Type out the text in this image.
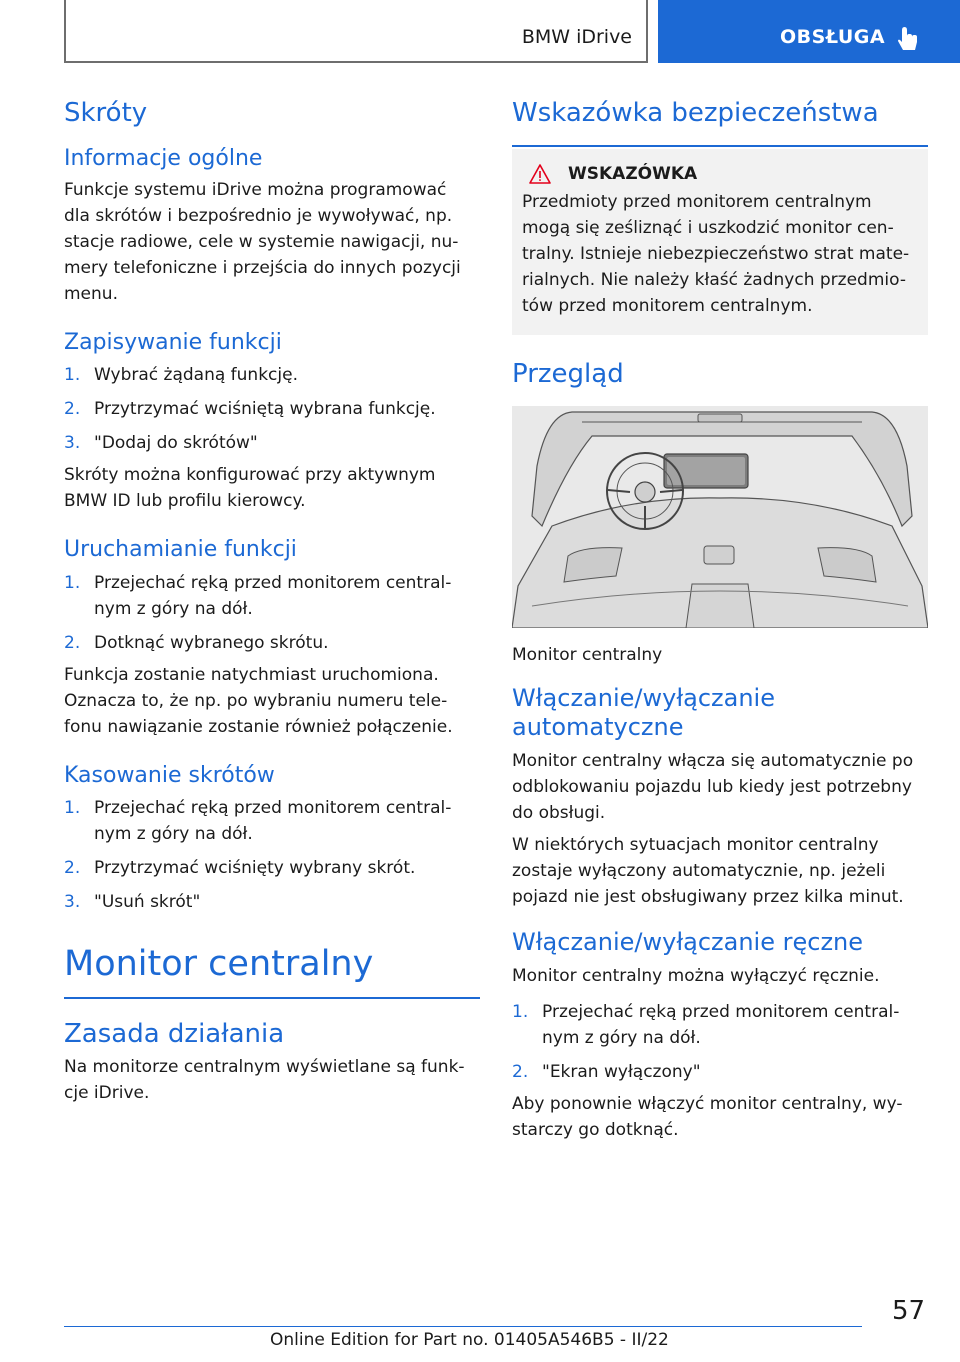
BMW iDrive	OBSŁUGA
Skróty
Informacje ogólne
Funkcje systemu iDrive można programować
dla skrótów i bezpośrednio je wywoływać, np.
stacje radiowe, cele w systemie nawigacji, nu-
mery telefoniczne i przejścia do innych pozycji
menu.
Zapisywanie funkcji
1. Wybrać żądaną funkcję.
2. Przytrzymać wciśniętą wybrana funkcję.
3. "Dodaj do skrótów"
Skróty można konfigurować przy aktywnym
BMW ID lub profilu kierowcy.
Uruchamianie funkcji
1. Przejechać ręką przed monitorem central-
nym z góry na dół.
2. Dotknąć wybranego skrótu.
Funkcja zostanie natychmiast uruchomiona.
Oznacza to, że np. po wybraniu numeru tele-
fonu nawiązanie zostanie również połączenie.
Kasowanie skrótów
1. Przejechać ręką przed monitorem central-
nym z góry na dół.
2. Przytrzymać wciśnięty wybrany skrót.
3. "Usuń skrót"
Monitor centralny
Zasada działania
Na monitorze centralnym wyświetlane są funk-
cje iDrive.
Wskazówka bezpieczeństwa
WSKAZÓWKA
Przedmioty przed monitorem centralnym
mogą się ześliznąć i uszkodzić monitor cen-
tralny. Istnieje niebezpieczeństwo strat mate-
rialnych. Nie należy kłaść żadnych przedmio-
tów przed monitorem centralnym.
Przegląd
Monitor centralny
Włączanie/wyłączanie
automatyczne
Monitor centralny włącza się automatycznie po
odblokowaniu pojazdu lub kiedy jest potrzebny
do obsługi.
W niektórych sytuacjach monitor centralny
zostaje wyłączony automatycznie, np. jeżeli
pojazd nie jest obsługiwany przez kilka minut.
Włączanie/wyłączanie ręczne
Monitor centralny można wyłączyć ręcznie.
1. Przejechać ręką przed monitorem central-
nym z góry na dół.
2. "Ekran wyłączony"
Aby ponownie włączyć monitor centralny, wy-
starczy go dotknąć.
57
Online Edition for Part no. 01405A546B5 - II/22
